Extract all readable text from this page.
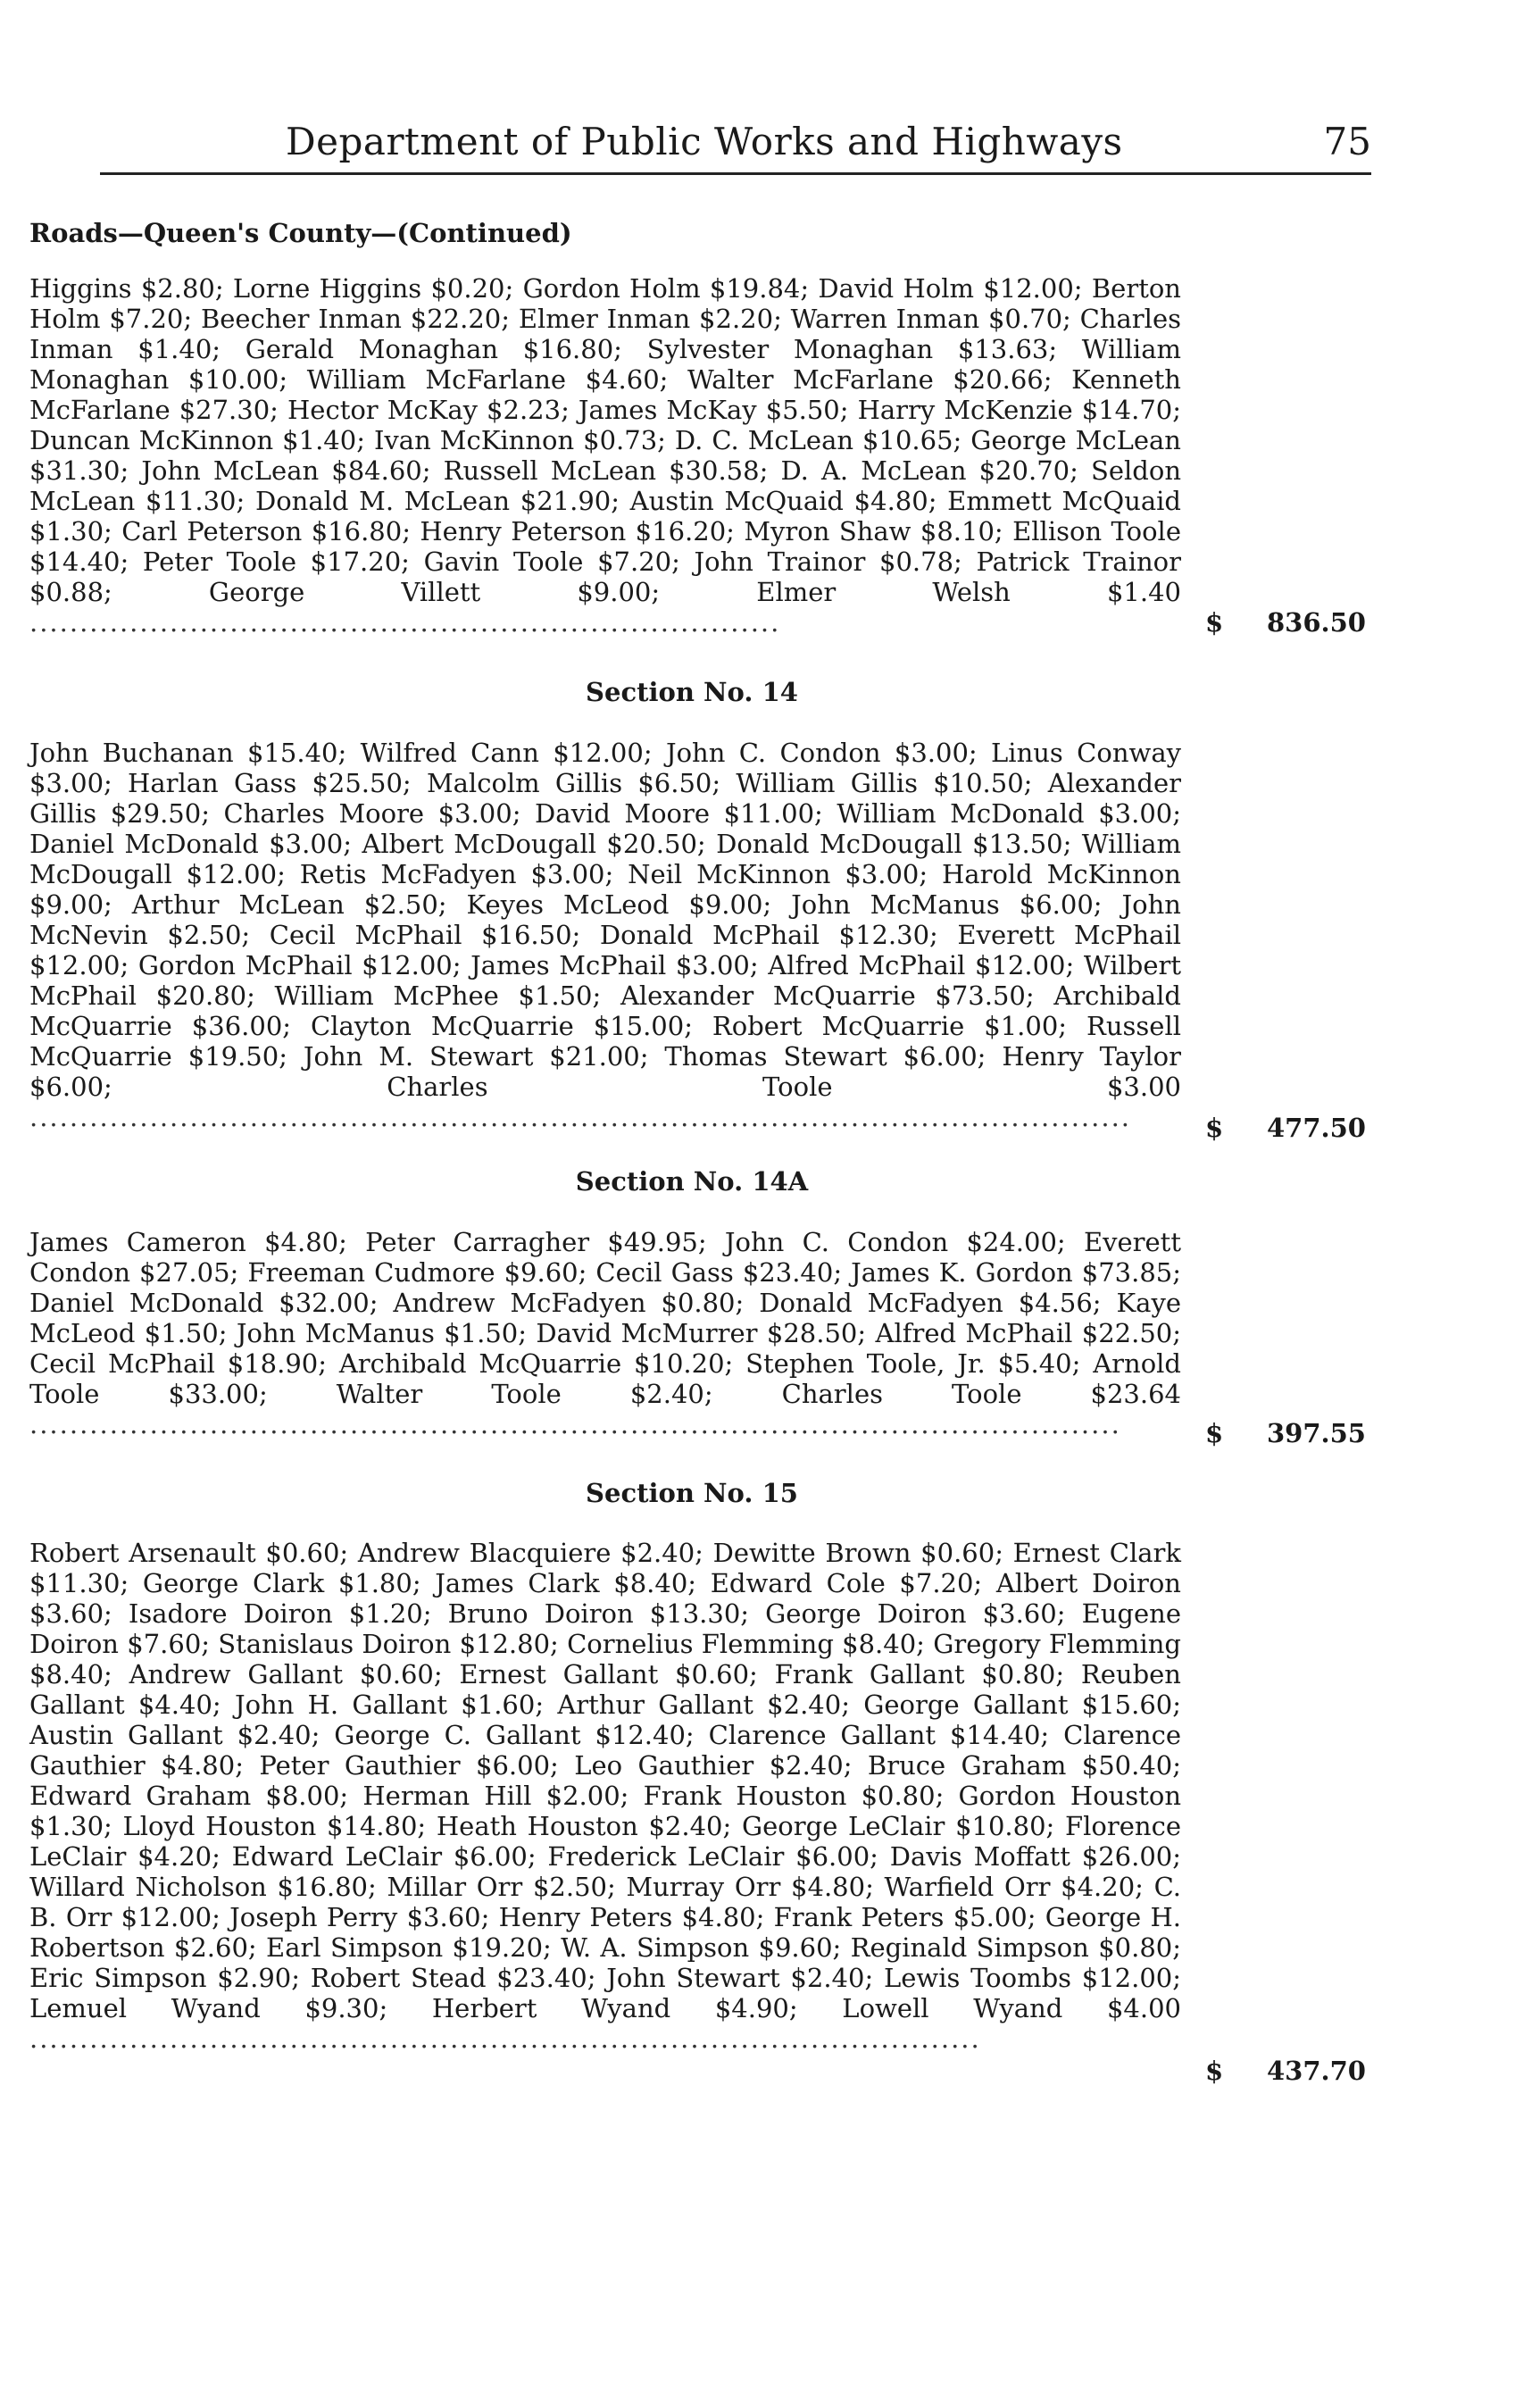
Department of Public Works and Highways	75
Roads—Queen's County—(Continued)
Higgins $2.80; Lorne Higgins $0.20; Gordon Holm $19.84; David Holm $12.00; Berton Holm $7.20; Beecher Inman $22.20; Elmer Inman $2.20; Warren Inman $0.70; Charles Inman $1.40; Gerald Monaghan $16.80; Sylvester Monaghan $13.63; William Monaghan $10.00; William McFarlane $4.60; Walter McFarlane $20.66; Kenneth McFarlane $27.30; Hector McKay $2.23; James McKay $5.50; Harry McKenzie $14.70; Duncan McKinnon $1.40; Ivan McKinnon $0.73; D. C. McLean $10.65; George McLean $31.30; John McLean $84.60; Russell McLean $30.58; D. A. McLean $20.70; Seldon McLean $11.30; Donald M. McLean $21.90; Austin McQuaid $4.80; Emmett McQuaid $1.30; Carl Peterson $16.80; Henry Peterson $16.20; Myron Shaw $8.10; Ellison Toole $14.40; Peter Toole $17.20; Gavin Toole $7.20; John Trainor $0.78; Patrick Trainor $0.88; George Villett $9.00; Elmer Welsh $1.40 ...........................................................................	$ 836.50
Section No. 14
John Buchanan $15.40; Wilfred Cann $12.00; John C. Condon $3.00; Linus Conway $3.00; Harlan Gass $25.50; Malcolm Gillis $6.50; William Gillis $10.50; Alexander Gillis $29.50; Charles Moore $3.00; David Moore $11.00; William McDonald $3.00; Daniel McDonald $3.00; Albert McDougall $20.50; Donald McDougall $13.50; William McDougall $12.00; Retis McFadyen $3.00; Neil McKinnon $3.00; Harold McKinnon $9.00; Arthur McLean $2.50; Keyes McLeod $9.00; John McManus $6.00; John McNevin $2.50; Cecil McPhail $16.50; Donald McPhail $12.30; Everett McPhail $12.00; Gordon McPhail $12.00; James McPhail $3.00; Alfred McPhail $12.00; Wilbert McPhail $20.80; William McPhee $1.50; Alexander McQuarrie $73.50; Archibald McQuarrie $36.00; Clayton McQuarrie $15.00; Robert McQuarrie $1.00; Russell McQuarrie $19.50; John M. Stewart $21.00; Thomas Stewart $6.00; Henry Taylor $6.00; Charles Toole $3.00 ..............................................................................................................	$ 477.50
Section No. 14A
James Cameron $4.80; Peter Carragher $49.95; John C. Condon $24.00; Everett Condon $27.05; Freeman Cudmore $9.60; Cecil Gass $23.40; James K. Gordon $73.85; Daniel McDonald $32.00; Andrew McFadyen $0.80; Donald McFadyen $4.56; Kaye McLeod $1.50; John McManus $1.50; David McMurrer $28.50; Alfred McPhail $22.50; Cecil McPhail $18.90; Archibald McQuarrie $10.20; Stephen Toole, Jr. $5.40; Arnold Toole $33.00; Walter Toole $2.40; Charles Toole $23.64 .............................................................................................................	$ 397.55
Section No. 15
Robert Arsenault $0.60; Andrew Blacquiere $2.40; Dewitte Brown $0.60; Ernest Clark $11.30; George Clark $1.80; James Clark $8.40; Edward Cole $7.20; Albert Doiron $3.60; Isadore Doiron $1.20; Bruno Doiron $13.30; George Doiron $3.60; Eugene Doiron $7.60; Stanislaus Doiron $12.80; Cornelius Flemming $8.40; Gregory Flemming $8.40; Andrew Gallant $0.60; Ernest Gallant $0.60; Frank Gallant $0.80; Reuben Gallant $4.40; John H. Gallant $1.60; Arthur Gallant $2.40; George Gallant $15.60; Austin Gallant $2.40; George C. Gallant $12.40; Clarence Gallant $14.40; Clarence Gauthier $4.80; Peter Gauthier $6.00; Leo Gauthier $2.40; Bruce Graham $50.40; Edward Graham $8.00; Herman Hill $2.00; Frank Houston $0.80; Gordon Houston $1.30; Lloyd Houston $14.80; Heath Houston $2.40; George LeClair $10.80; Florence LeClair $4.20; Edward LeClair $6.00; Frederick LeClair $6.00; Davis Moffatt $26.00; Willard Nicholson $16.80; Millar Orr $2.50; Murray Orr $4.80; Warfield Orr $4.20; C. B. Orr $12.00; Joseph Perry $3.60; Henry Peters $4.80; Frank Peters $5.00; George H. Robertson $2.60; Earl Simpson $19.20; W. A. Simpson $9.60; Reginald Simpson $0.80; Eric Simpson $2.90; Robert Stead $23.40; John Stewart $2.40; Lewis Toombs $12.00; Lemuel Wyand $9.30; Herbert Wyand $4.90; Lowell Wyand $4.00 ...............................................................................................
$ 437.70
